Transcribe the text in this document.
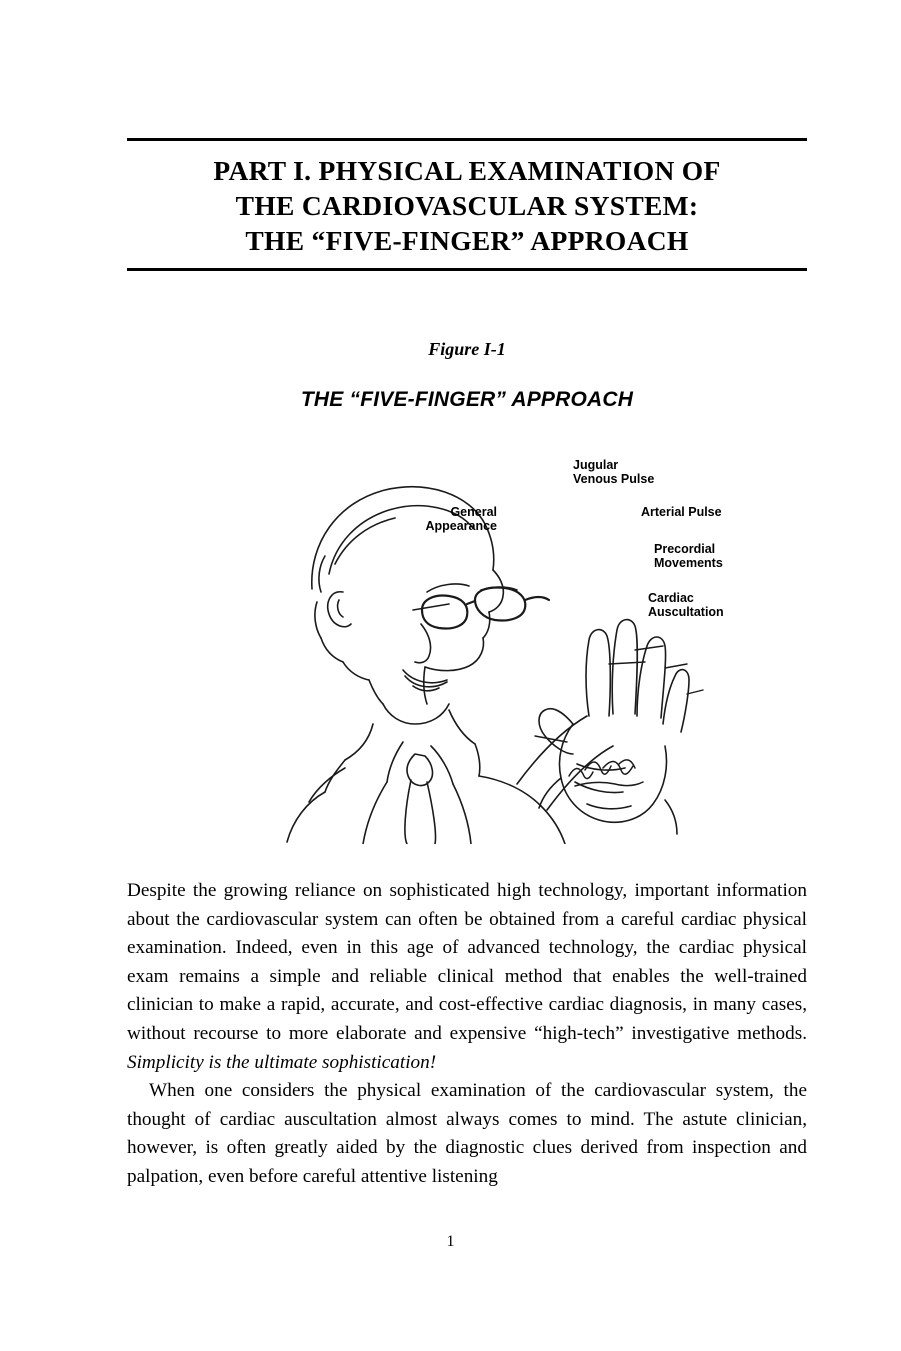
PART I. PHYSICAL EXAMINATION OF
THE CARDIOVASCULAR SYSTEM:
THE “FIVE-FINGER” APPROACH
Figure I-1
THE “FIVE-FINGER” APPROACH
Jugular
Venous Pulse
Arterial Pulse
General
Appearance
Precordial
Movements
Cardiac
Auscultation

Despite the growing reliance on sophisticated high technology, important information about the cardiovascular system can often be obtained from a careful cardiac physical examination. Indeed, even in this age of advanced technology, the cardiac physical exam remains a simple and reliable clinical method that enables the well-trained clinician to make a rapid, accurate, and cost-effective cardiac diagnosis, in many cases, without recourse to more elaborate and expensive “high-tech” investigative methods. Simplicity is the ultimate sophistication!

When one considers the physical examination of the cardiovascular system, the thought of cardiac auscultation almost always comes to mind. The astute clinician, however, is often greatly aided by the diagnostic clues derived from inspection and palpation, even before careful attentive listening

1
